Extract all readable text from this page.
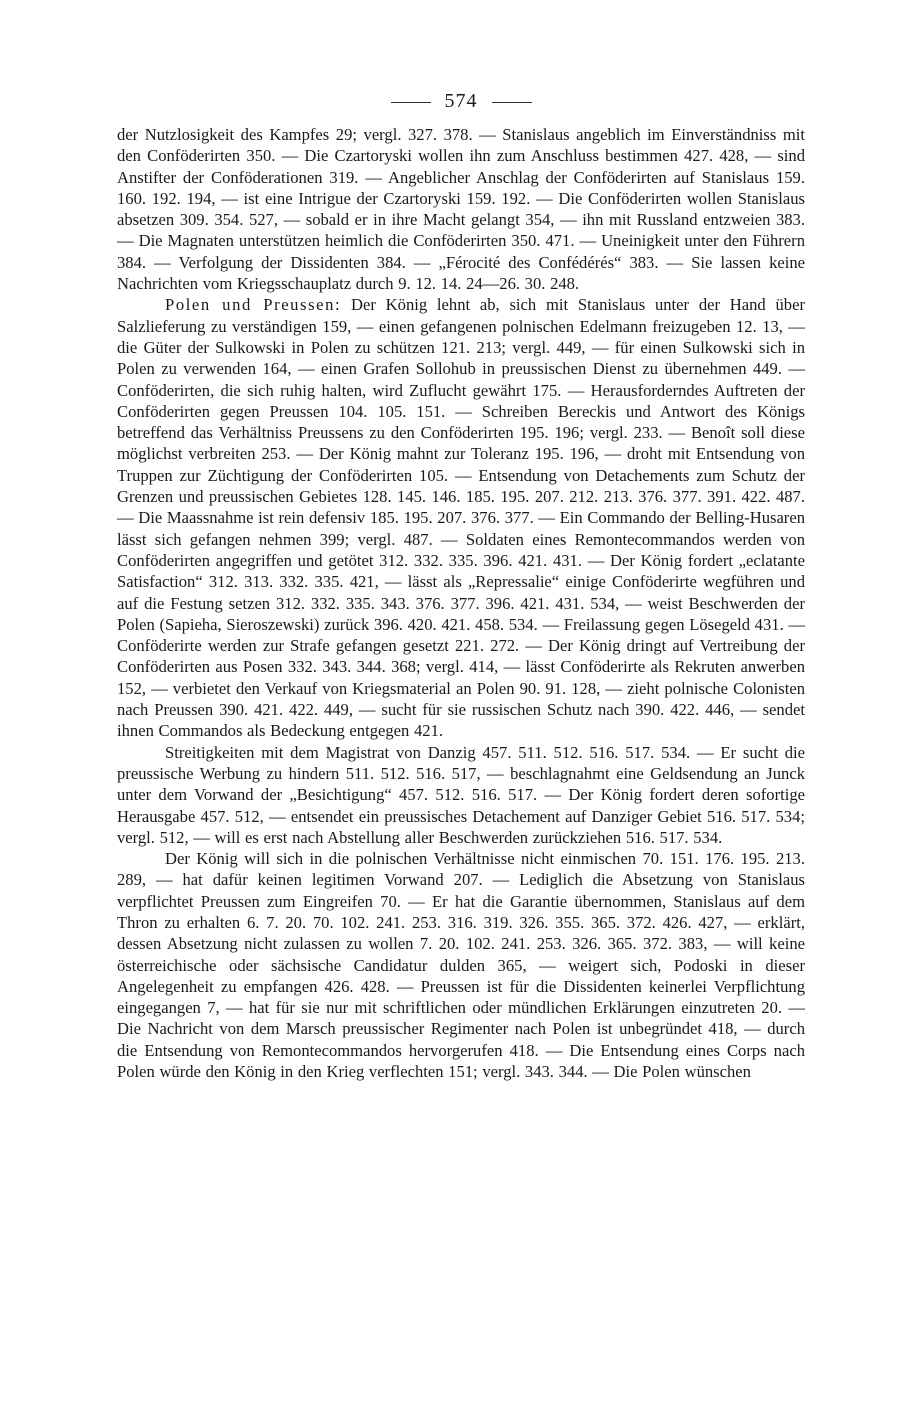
574

der Nutzlosigkeit des Kampfes 29; vergl. 327. 378. — Stanislaus angeblich im Einverständniss mit den Conföderirten 350. — Die Czartoryski wollen ihn zum Anschluss bestimmen 427. 428, — sind Anstifter der Conföderationen 319. — Angeblicher Anschlag der Conföderirten auf Stanislaus 159. 160. 192. 194, — ist eine Intrigue der Czartoryski 159. 192. — Die Conföderirten wollen Stanislaus absetzen 309. 354. 527, — sobald er in ihre Macht gelangt 354, — ihn mit Russland entzweien 383. — Die Magnaten unterstützen heimlich die Conföderirten 350. 471. — Uneinigkeit unter den Führern 384. — Verfolgung der Dissidenten 384. — „Férocité des Confédérés“ 383. — Sie lassen keine Nachrichten vom Kriegsschauplatz durch 9. 12. 14. 24—26. 30. 248.

Polen und Preussen: Der König lehnt ab, sich mit Stanislaus unter der Hand über Salzlieferung zu verständigen 159, — einen gefangenen polnischen Edelmann freizugeben 12. 13, — die Güter der Sulkowski in Polen zu schützen 121. 213; vergl. 449, — für einen Sulkowski sich in Polen zu verwenden 164, — einen Grafen Sollohub in preussischen Dienst zu übernehmen 449. — Conföderirten, die sich ruhig halten, wird Zuflucht gewährt 175. — Herausforderndes Auftreten der Conföderirten gegen Preussen 104. 105. 151. — Schreiben Bereckis und Antwort des Königs betreffend das Verhältniss Preussens zu den Conföderirten 195. 196; vergl. 233. — Benoît soll diese möglichst verbreiten 253. — Der König mahnt zur Toleranz 195. 196, — droht mit Entsendung von Truppen zur Züchtigung der Conföderirten 105. — Entsendung von Detachements zum Schutz der Grenzen und preussischen Gebietes 128. 145. 146. 185. 195. 207. 212. 213. 376. 377. 391. 422. 487. — Die Maassnahme ist rein defensiv 185. 195. 207. 376. 377. — Ein Commando der Belling-Husaren lässt sich gefangen nehmen 399; vergl. 487. — Soldaten eines Remontecommandos werden von Conföderirten angegriffen und getötet 312. 332. 335. 396. 421. 431. — Der König fordert „eclatante Satisfaction“ 312. 313. 332. 335. 421, — lässt als „Repressalie“ einige Conföderirte wegführen und auf die Festung setzen 312. 332. 335. 343. 376. 377. 396. 421. 431. 534, — weist Beschwerden der Polen (Sapieha, Sieroszewski) zurück 396. 420. 421. 458. 534. — Freilassung gegen Lösegeld 431. — Conföderirte werden zur Strafe gefangen gesetzt 221. 272. — Der König dringt auf Vertreibung der Conföderirten aus Posen 332. 343. 344. 368; vergl. 414, — lässt Conföderirte als Rekruten anwerben 152, — verbietet den Verkauf von Kriegsmaterial an Polen 90. 91. 128, — zieht polnische Colonisten nach Preussen 390. 421. 422. 449, — sucht für sie russischen Schutz nach 390. 422. 446, — sendet ihnen Commandos als Bedeckung entgegen 421.

Streitigkeiten mit dem Magistrat von Danzig 457. 511. 512. 516. 517. 534. — Er sucht die preussische Werbung zu hindern 511. 512. 516. 517, — beschlagnahmt eine Geldsendung an Junck unter dem Vorwand der „Besichtigung“ 457. 512. 516. 517. — Der König fordert deren sofortige Herausgabe 457. 512, — entsendet ein preussisches Detachement auf Danziger Gebiet 516. 517. 534; vergl. 512, — will es erst nach Abstellung aller Beschwerden zurückziehen 516. 517. 534.

Der König will sich in die polnischen Verhältnisse nicht einmischen 70. 151. 176. 195. 213. 289, — hat dafür keinen legitimen Vorwand 207. — Lediglich die Absetzung von Stanislaus verpflichtet Preussen zum Eingreifen 70. — Er hat die Garantie übernommen, Stanislaus auf dem Thron zu erhalten 6. 7. 20. 70. 102. 241. 253. 316. 319. 326. 355. 365. 372. 426. 427, — erklärt, dessen Absetzung nicht zulassen zu wollen 7. 20. 102. 241. 253. 326. 365. 372. 383, — will keine österreichische oder sächsische Candidatur dulden 365, — weigert sich, Podoski in dieser Angelegenheit zu empfangen 426. 428. — Preussen ist für die Dissidenten keinerlei Verpflichtung eingegangen 7, — hat für sie nur mit schriftlichen oder mündlichen Erklärungen einzutreten 20. — Die Nachricht von dem Marsch preussischer Regimenter nach Polen ist unbegründet 418, — durch die Entsendung von Remontecommandos hervorgerufen 418. — Die Entsendung eines Corps nach Polen würde den König in den Krieg verflechten 151; vergl. 343. 344. — Die Polen wünschen
